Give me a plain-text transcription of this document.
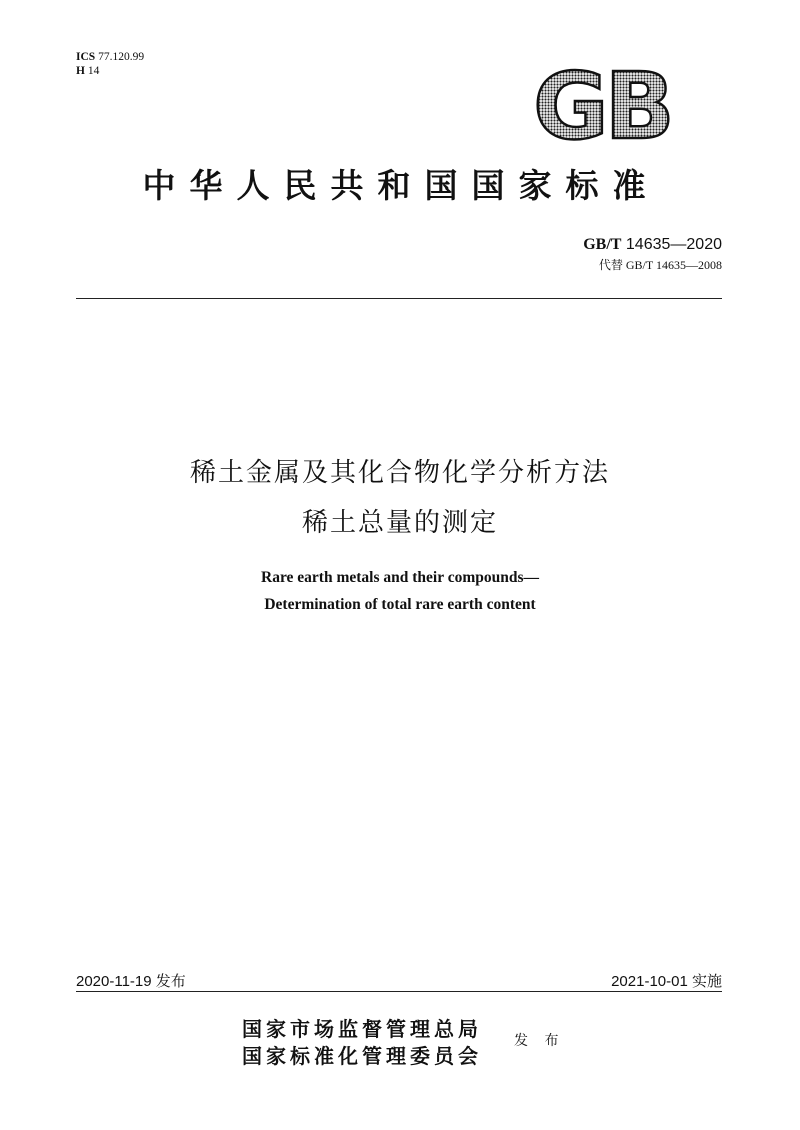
ICS 77.120.99
H 14	GB
中华人民共和国国家标准
GB/T 14635—2020
代替 GB/T 14635—2008
稀土金属及其化合物化学分析方法
稀土总量的测定
Rare earth metals and their compounds—
Determination of total rare earth content
2020-11-19 发布	2021-10-01 实施
国家市场监督管理总局
国家标准化管理委员会
发 布
